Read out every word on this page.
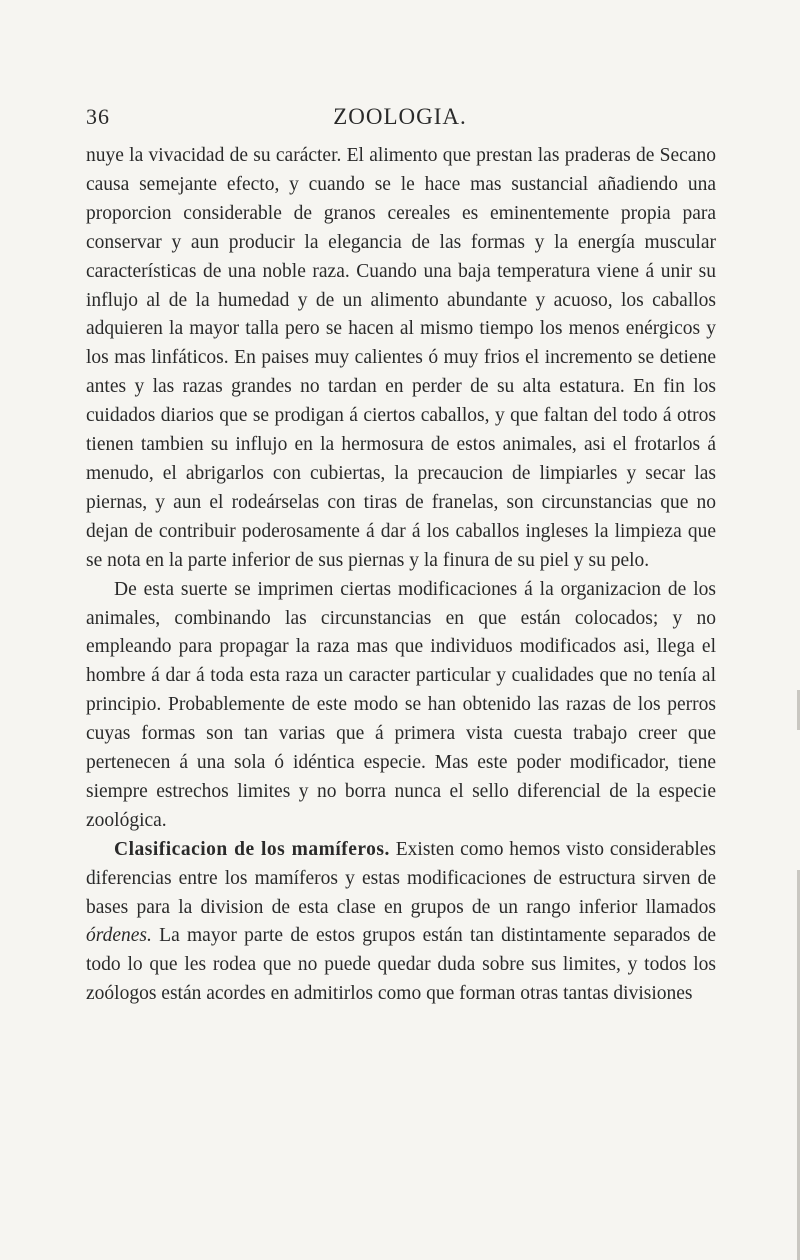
36	ZOOLOGIA.

nuye la vivacidad de su carácter. El alimento que prestan las praderas de Secano causa semejante efecto, y cuando se le hace mas sustancial añadiendo una proporcion considerable de granos cereales es eminentemente propia para conservar y aun producir la elegancia de las formas y la energía muscular características de una noble raza. Cuando una baja temperatura viene á unir su influjo al de la humedad y de un alimento abundante y acuoso, los caballos adquieren la mayor talla pero se hacen al mismo tiempo los menos enérgicos y los mas linfáticos. En paises muy calientes ó muy frios el incremento se detiene antes y las razas grandes no tardan en perder de su alta estatura. En fin los cuidados diarios que se prodigan á ciertos caballos, y que faltan del todo á otros tienen tambien su influjo en la hermosura de estos animales, asi el frotarlos á menudo, el abrigarlos con cubiertas, la precaucion de limpiarles y secar las piernas, y aun el rodeárselas con tiras de franelas, son circunstancias que no dejan de contribuir poderosamente á dar á los caballos ingleses la limpieza que se nota en la parte inferior de sus piernas y la finura de su piel y su pelo.

De esta suerte se imprimen ciertas modificaciones á la organizacion de los animales, combinando las circunstancias en que están colocados; y no empleando para propagar la raza mas que individuos modificados asi, llega el hombre á dar á toda esta raza un caracter particular y cualidades que no tenía al principio. Probablemente de este modo se han obtenido las razas de los perros cuyas formas son tan varias que á primera vista cuesta trabajo creer que pertenecen á una sola ó idéntica especie. Mas este poder modificador, tiene siempre estrechos limites y no borra nunca el sello diferencial de la especie zoológica.

Clasificacion de los mamíferos. Existen como hemos visto considerables diferencias entre los mamíferos y estas modificaciones de estructura sirven de bases para la division de esta clase en grupos de un rango inferior llamados órdenes. La mayor parte de estos grupos están tan distintamente separados de todo lo que les rodea que no puede quedar duda sobre sus limites, y todos los zoólogos están acordes en admitirlos como que forman otras tantas divisiones
